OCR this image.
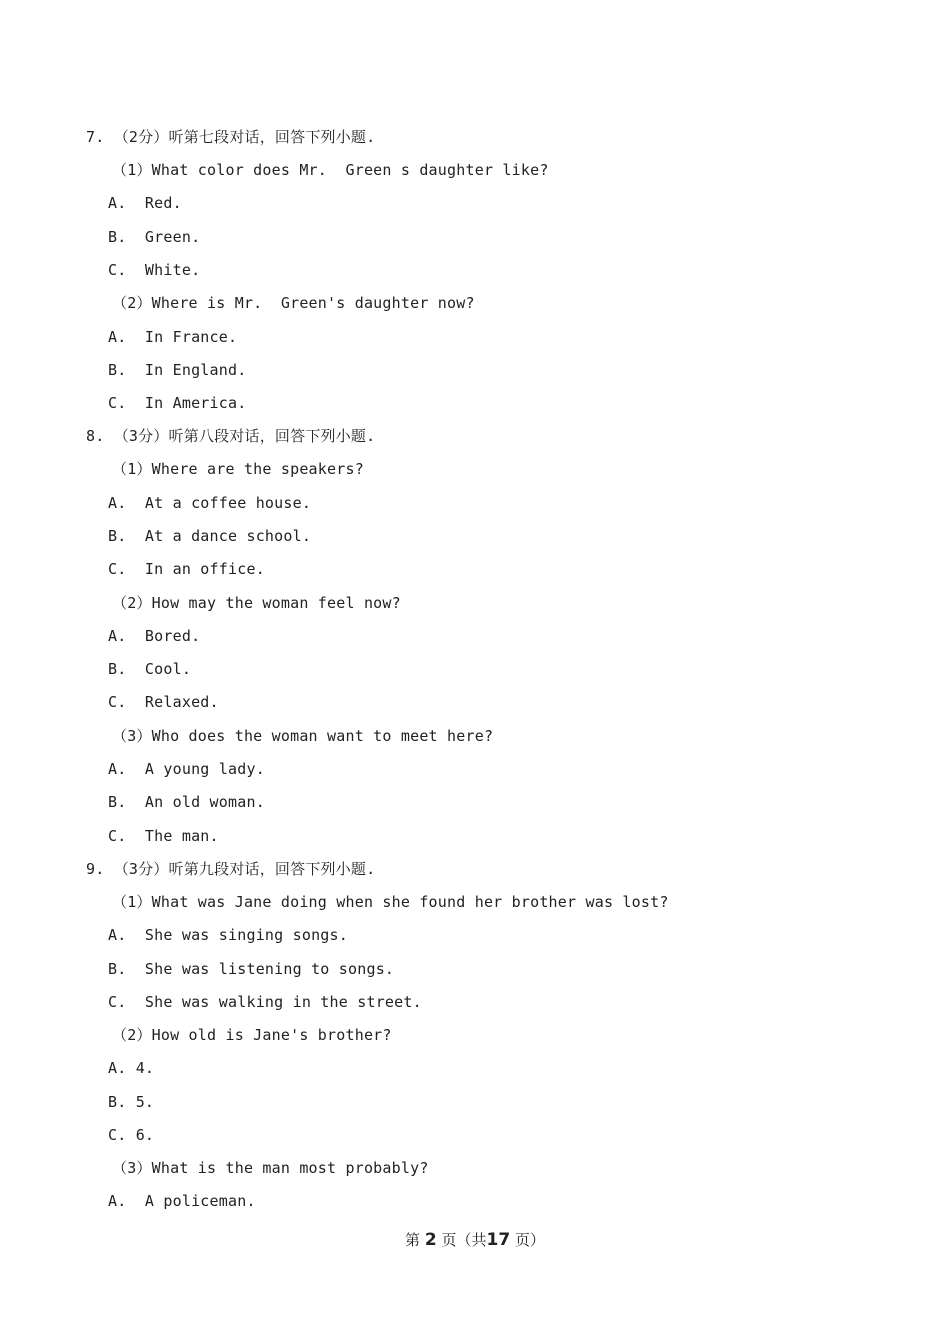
7. （2分）听第七段对话，回答下列小题.
（1）What color does Mr.  Green s daughter like?
A.  Red.
B.  Green.
C.  White.
（2）Where is Mr.  Green's daughter now?
A.  In France.
B.  In England.
C.  In America.
8. （3分）听第八段对话，回答下列小题.
（1）Where are the speakers?
A.  At a coffee house.
B.  At a dance school.
C.  In an office.
（2）How may the woman feel now?
A.  Bored.
B.  Cool.
C.  Relaxed.
（3）Who does the woman want to meet here?
A.  A young lady.
B.  An old woman.
C.  The man.
9. （3分）听第九段对话，回答下列小题.
（1）What was Jane doing when she found her brother was lost?
A.  She was singing songs.
B.  She was listening to songs.
C.  She was walking in the street.
（2）How old is Jane's brother?
A. 4.
B. 5.
C. 6.
（3）What is the man most probably?
A.  A policeman.
第 2 页（共17 页）
